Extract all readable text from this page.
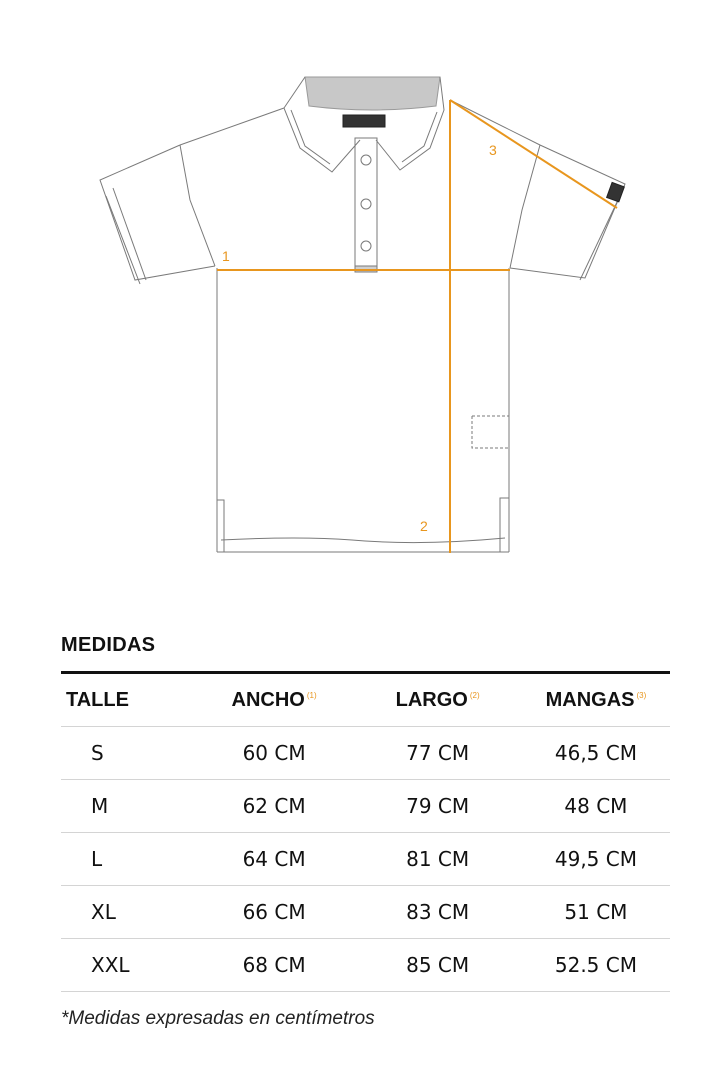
1
2
3
MEDIDAS
TALLE	ANCHO $^{(1)}$	LARGO $^{(2)}$	MANGAS $^{(3)}$
S	60 CM	77 CM	46,5 CM
M	62 CM	79 CM	48 CM
L	64 CM	81 CM	49,5 CM
XL	66 CM	83 CM	51 CM
XXL	68 CM	85 CM	52.5 CM
*Medidas expresadas en centímetros
